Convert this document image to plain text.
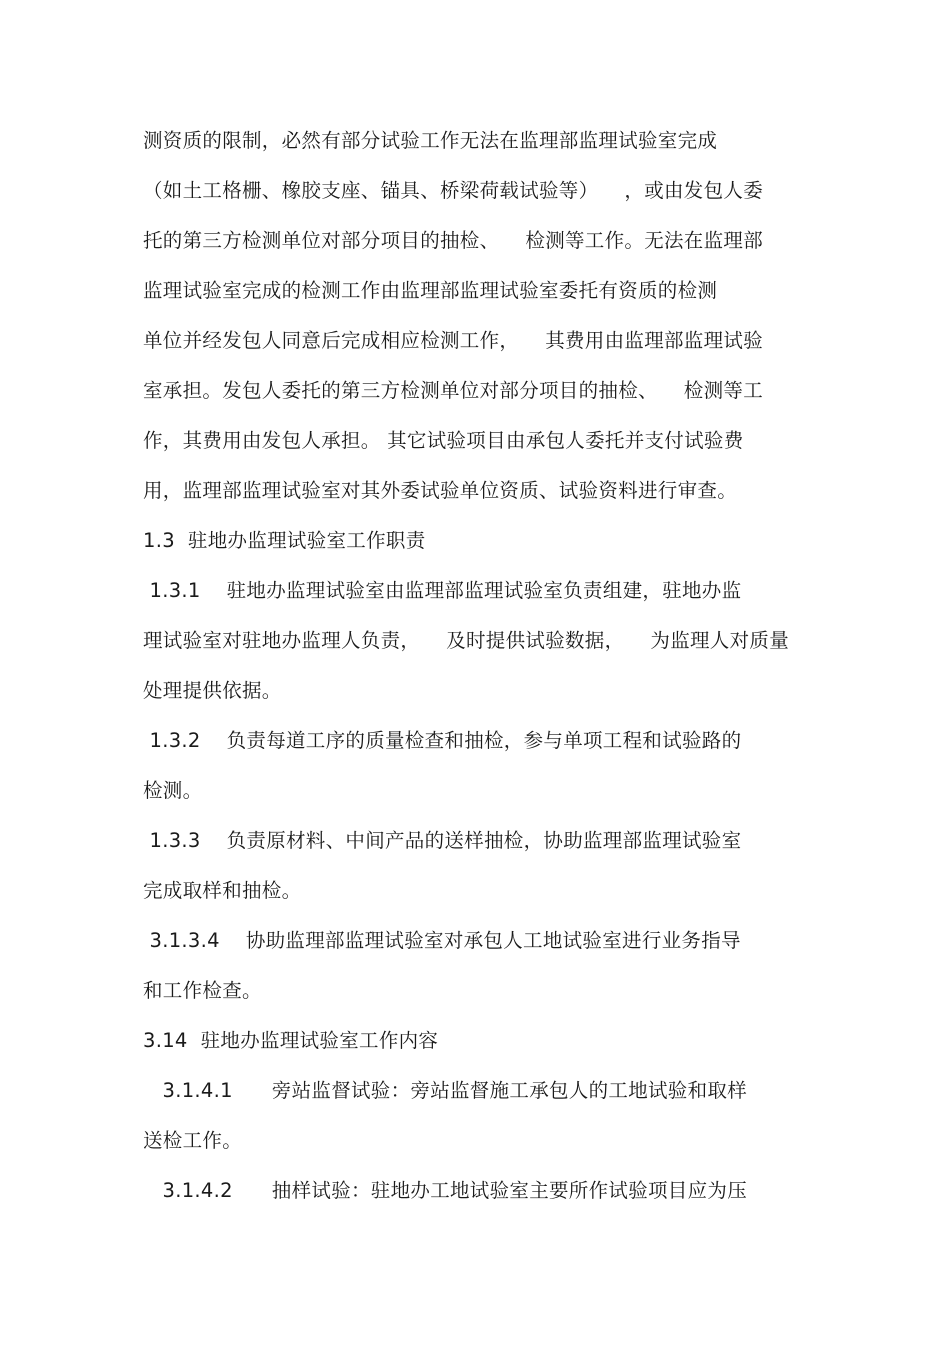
测资质的限制，必然有部分试验工作无法在监理部监理试验室完成
（如土工格栅、橡胶支座、锚具、桥梁荷载试验等）    ，或由发包人委
托的第三方检测单位对部分项目的抽检、    检测等工作。无法在监理部
监理试验室完成的检测工作由监理部监理试验室委托有资质的检测
单位并经发包人同意后完成相应检测工作，    其费用由监理部监理试验
室承担。发包人委托的第三方检测单位对部分项目的抽检、    检测等工
作，其费用由发包人承担。 其它试验项目由承包人委托并支付试验费
用，监理部监理试验室对其外委试验单位资质、试验资料进行审查。
1.3  驻地办监理试验室工作职责
1.3.1    驻地办监理试验室由监理部监理试验室负责组建，驻地办监
理试验室对驻地办监理人负责，    及时提供试验数据，    为监理人对质量
处理提供依据。
1.3.2    负责每道工序的质量检查和抽检，参与单项工程和试验路的
检测。
1.3.3    负责原材料、中间产品的送样抽检，协助监理部监理试验室
完成取样和抽检。
3.1.3.4    协助监理部监理试验室对承包人工地试验室进行业务指导
和工作检查。
3.14  驻地办监理试验室工作内容
3.1.4.1      旁站监督试验：旁站监督施工承包人的工地试验和取样
送检工作。
3.1.4.2      抽样试验：驻地办工地试验室主要所作试验项目应为压
